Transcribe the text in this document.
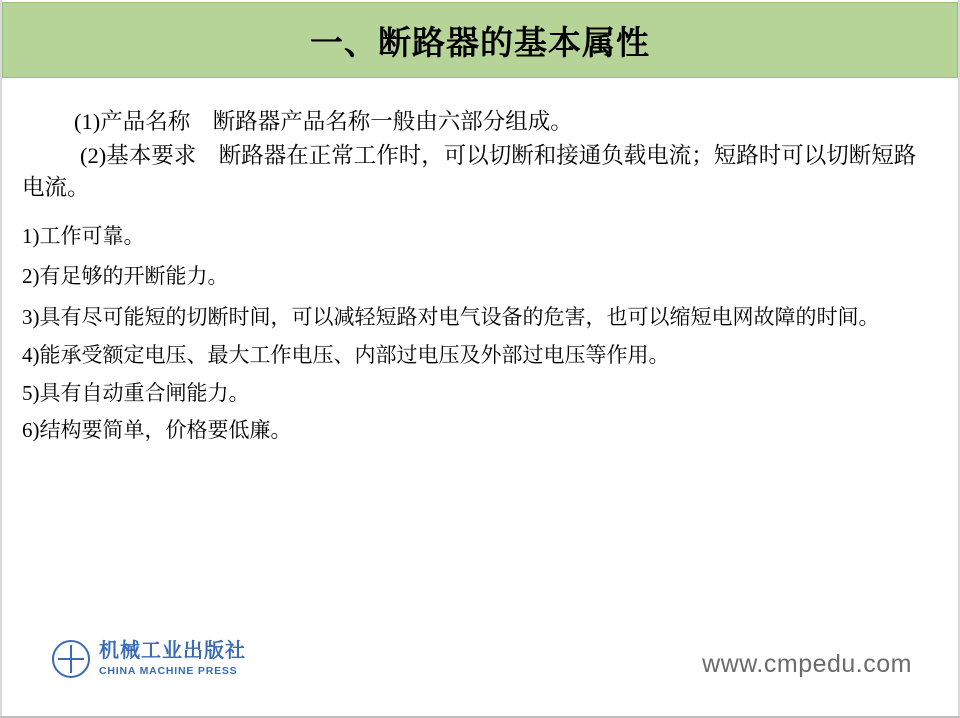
一、断路器的基本属性

(1)产品名称　断路器产品名称一般由六部分组成。

(2)基本要求　断路器在正常工作时，可以切断和接通负载电流；短路时可以切断短路电流。

1)工作可靠。

2)有足够的开断能力。

3)具有尽可能短的切断时间，可以减轻短路对电气设备的危害，也可以缩短电网故障的时间。

4)能承受额定电压、最大工作电压、内部过电压及外部过电压等作用。

5)具有自动重合闸能力。

6)结构要简单，价格要低廉。

机械工业出版社
CHINA MACHINE PRESS	www.cmpedu.com
